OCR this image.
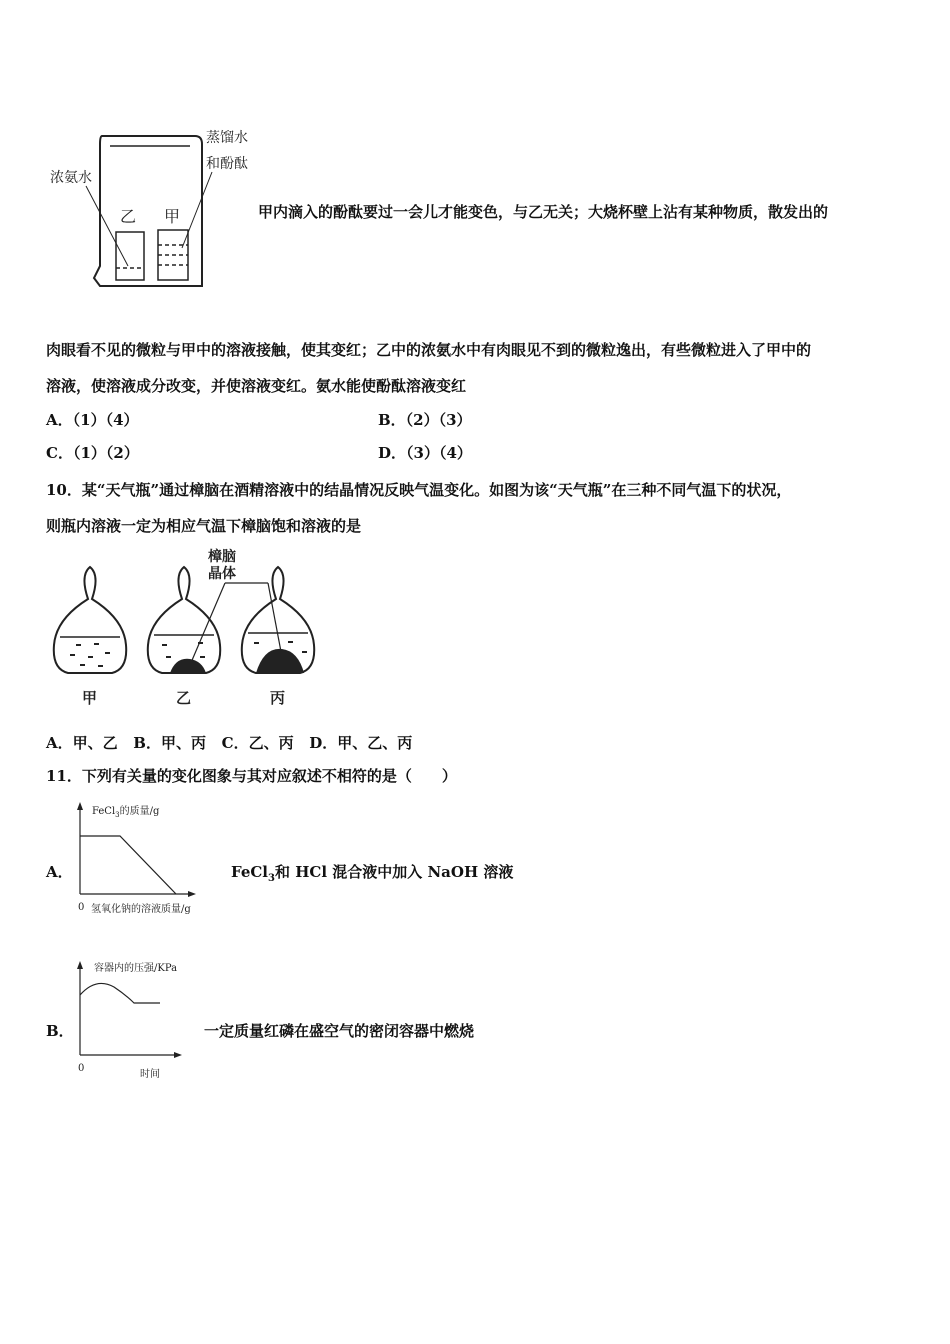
蒸馏水
和酚酞
浓氨水
乙 甲	甲内滴入的酚酞要过一会儿才能变色，与乙无关；大烧杯壁上沾有某种物质，散发出的
肉眼看不见的微粒与甲中的溶液接触，使其变红；乙中的浓氨水中有肉眼见不到的微粒逸出，有些微粒进入了甲中的
溶液，使溶液成分改变，并使溶液变红。氨水能使酚酞溶液变红
A．（1）（4）	B．（2）（3）
C．（1）（2）	D．（3）（4）
10．某“天气瓶”通过樟脑在酒精溶液中的结晶情况反映气温变化。如图为该“天气瓶”在三种不同气温下的状况，
则瓶内溶液一定为相应气温下樟脑饱和溶液的是
樟脑
晶体
甲	乙	丙
A．甲、乙   B．甲、丙   C．乙、丙   D．甲、乙、丙
11．下列有关量的变化图象与其对应叙述不相符的是（　　）
A．
FeCl$_3$的质量/g
0 氢氧化钠的溶液质量/g
FeCl$_3$和 HCl 混合液中加入 NaOH 溶液
B．
容器内的压强/KPa
0
时间
一定质量红磷在盛空气的密闭容器中燃烧
